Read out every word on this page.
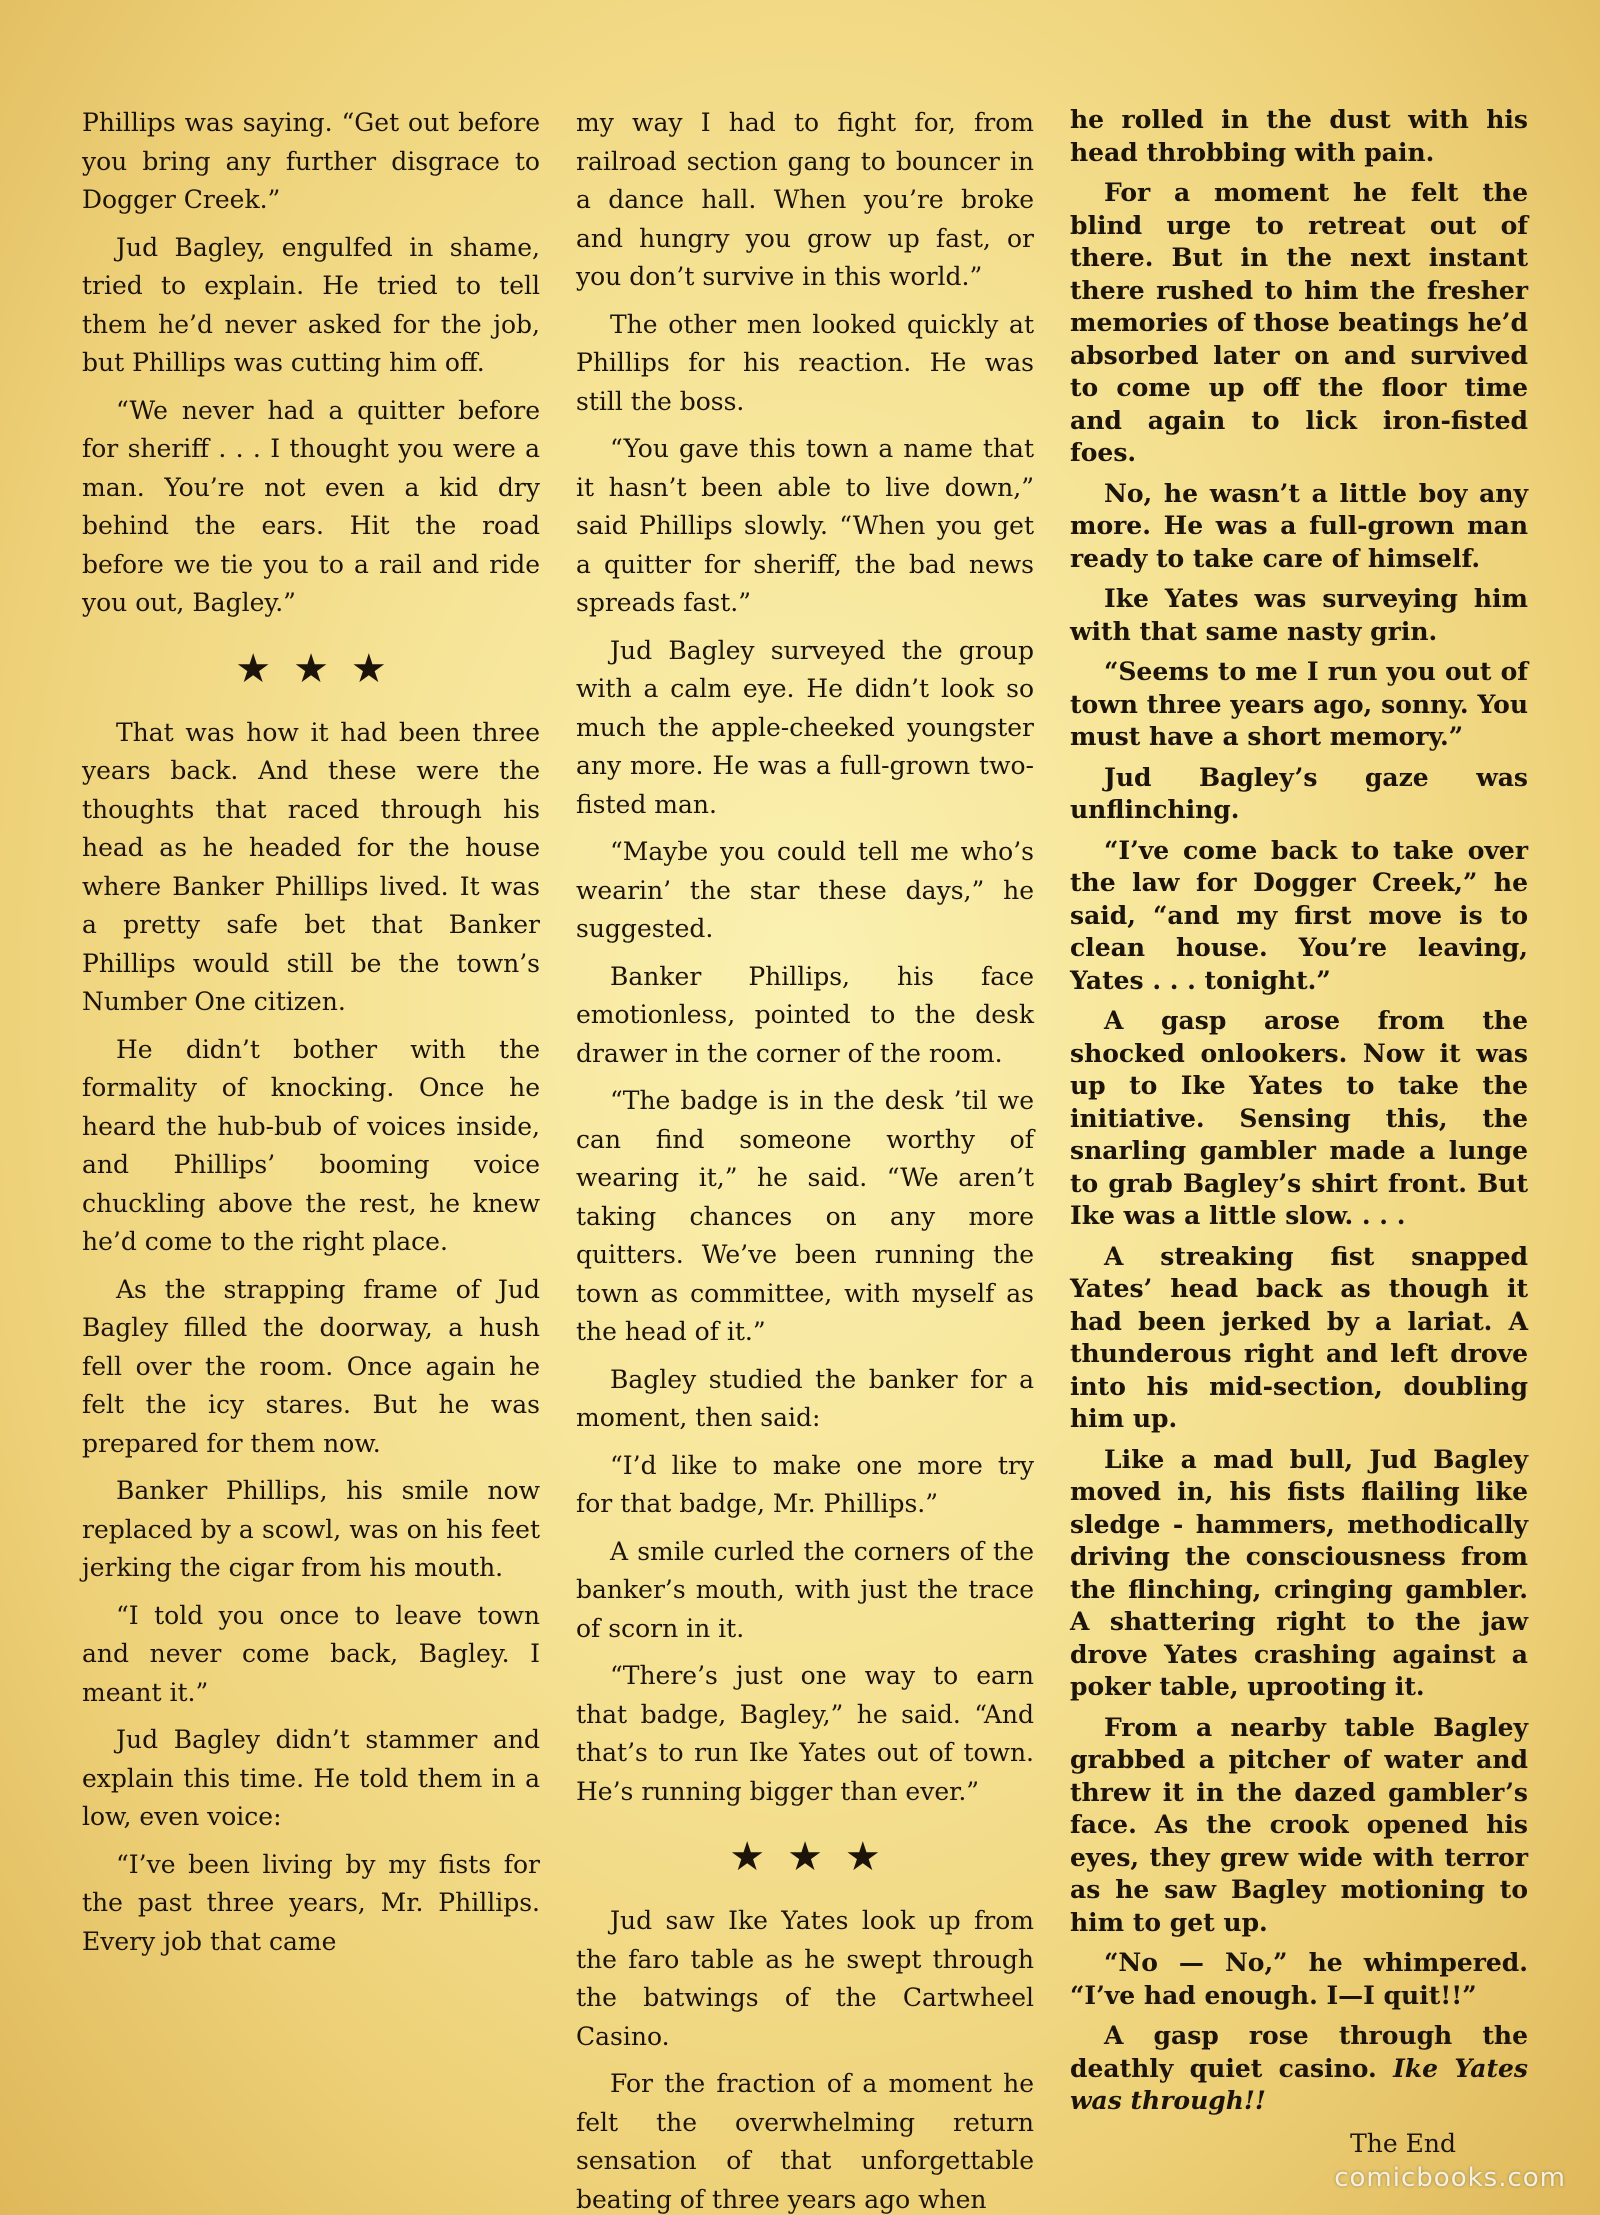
Phillips was saying. “Get out before you bring any further disgrace to Dogger Creek.”

Jud Bagley, engulfed in shame, tried to explain. He tried to tell them he’d never asked for the job, but Phillips was cutting him off.

“We never had a quitter before for sheriff . . . I thought you were a man. You’re not even a kid dry behind the ears. Hit the road before we tie you to a rail and ride you out, Bagley.”

★★★

That was how it had been three years back. And these were the thoughts that raced through his head as he headed for the house where Banker Phillips lived. It was a pretty safe bet that Banker Phillips would still be the town’s Number One citizen.

He didn’t bother with the formality of knocking. Once he heard the hub-bub of voices inside, and Phillips’ booming voice chuckling above the rest, he knew he’d come to the right place.

As the strapping frame of Jud Bagley filled the doorway, a hush fell over the room. Once again he felt the icy stares. But he was prepared for them now.

Banker Phillips, his smile now replaced by a scowl, was on his feet jerking the cigar from his mouth.

“I told you once to leave town and never come back, Bagley. I meant it.”

Jud Bagley didn’t stammer and explain this time. He told them in a low, even voice:

“I’ve been living by my fists for the past three years, Mr. Phillips. Every job that came

my way I had to fight for, from railroad section gang to bouncer in a dance hall. When you’re broke and hungry you grow up fast, or you don’t survive in this world.”

The other men looked quickly at Phillips for his reaction. He was still the boss.

“You gave this town a name that it hasn’t been able to live down,” said Phillips slowly. “When you get a quitter for sheriff, the bad news spreads fast.”

Jud Bagley surveyed the group with a calm eye. He didn’t look so much the apple-cheeked youngster any more. He was a full-grown two-fisted man.

“Maybe you could tell me who’s wearin’ the star these days,” he suggested.

Banker Phillips, his face emotionless, pointed to the desk drawer in the corner of the room.

“The badge is in the desk ’til we can find someone worthy of wearing it,” he said. “We aren’t taking chances on any more quitters. We’ve been running the town as committee, with myself as the head of it.”

Bagley studied the banker for a moment, then said:

“I’d like to make one more try for that badge, Mr. Phillips.”

A smile curled the corners of the banker’s mouth, with just the trace of scorn in it.

“There’s just one way to earn that badge, Bagley,” he said. “And that’s to run Ike Yates out of town. He’s running bigger than ever.”

★★★

Jud saw Ike Yates look up from the faro table as he swept through the batwings of the Cartwheel Casino.

For the fraction of a moment he felt the overwhelming return sensation of that unforgettable beating of three years ago when

he rolled in the dust with his head throbbing with pain.

For a moment he felt the blind urge to retreat out of there. But in the next instant there rushed to him the fresher memories of those beatings he’d absorbed later on and survived to come up off the floor time and again to lick iron-fisted foes.

No, he wasn’t a little boy any more. He was a full-grown man ready to take care of himself.

Ike Yates was surveying him with that same nasty grin.

“Seems to me I run you out of town three years ago, sonny. You must have a short memory.”

Jud Bagley’s gaze was unflinching.

“I’ve come back to take over the law for Dogger Creek,” he said, “and my first move is to clean house. You’re leaving, Yates . . . tonight.”

A gasp arose from the shocked onlookers. Now it was up to Ike Yates to take the initiative. Sensing this, the snarling gambler made a lunge to grab Bagley’s shirt front. But Ike was a little slow. . . .

A streaking fist snapped Yates’ head back as though it had been jerked by a lariat. A thunderous right and left drove into his mid-section, doubling him up.

Like a mad bull, Jud Bagley moved in, his fists flailing like sledge - hammers, methodically driving the consciousness from the flinching, cringing gambler. A shattering right to the jaw drove Yates crashing against a poker table, uprooting it.

From a nearby table Bagley grabbed a pitcher of water and threw it in the dazed gambler’s face. As the crook opened his eyes, they grew wide with terror as he saw Bagley motioning to him to get up.

“No — No,” he whimpered. “I’ve had enough. I—I quit!!”

A gasp rose through the deathly quiet casino. Ike Yates was through!!

The End
comicbooks.com
